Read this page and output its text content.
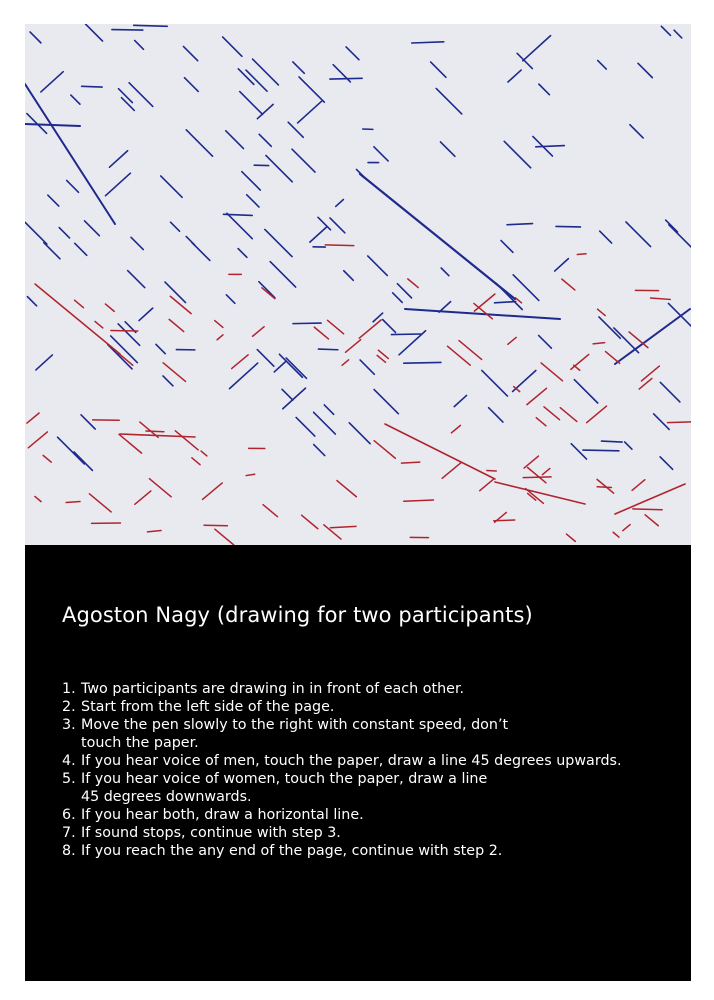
Agoston Nagy (drawing for two participants)
1. Two participants are drawing in in front of each other.
2. Start from the left side of the page.
3. Move the pen slowly to the right with constant speed, don’t
touch the paper.
4. If you hear voice of men, touch the paper, draw a line 45 degrees upwards.
5. If you hear voice of women, touch the paper, draw a line
45 degrees downwards.
6. If you hear both, draw a horizontal line.
7. If sound stops, continue with step 3.
8. If you reach the any end of the page, continue with step 2.
